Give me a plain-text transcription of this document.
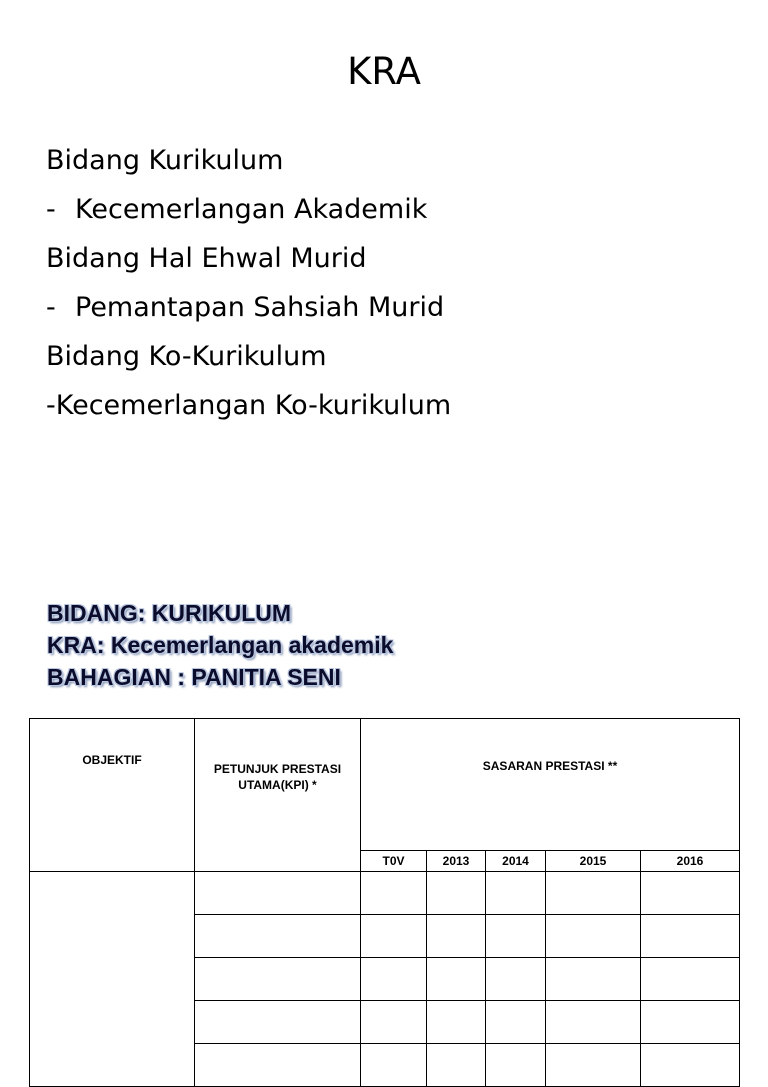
KRA
Bidang Kurikulum
- Kecemerlangan Akademik
Bidang Hal Ehwal Murid
- Pemantapan Sahsiah Murid
Bidang Ko-Kurikulum
-Kecemerlangan Ko-kurikulum
BIDANG: KURIKULUM
KRA: Kecemerlangan akademik
BAHAGIAN : PANITIA SENI
OBJEKTIF	PETUNJUK PRESTASI UTAMA(KPI) *	SASARAN PRESTASI **				
		T0V	2013	2014	2015	2016
